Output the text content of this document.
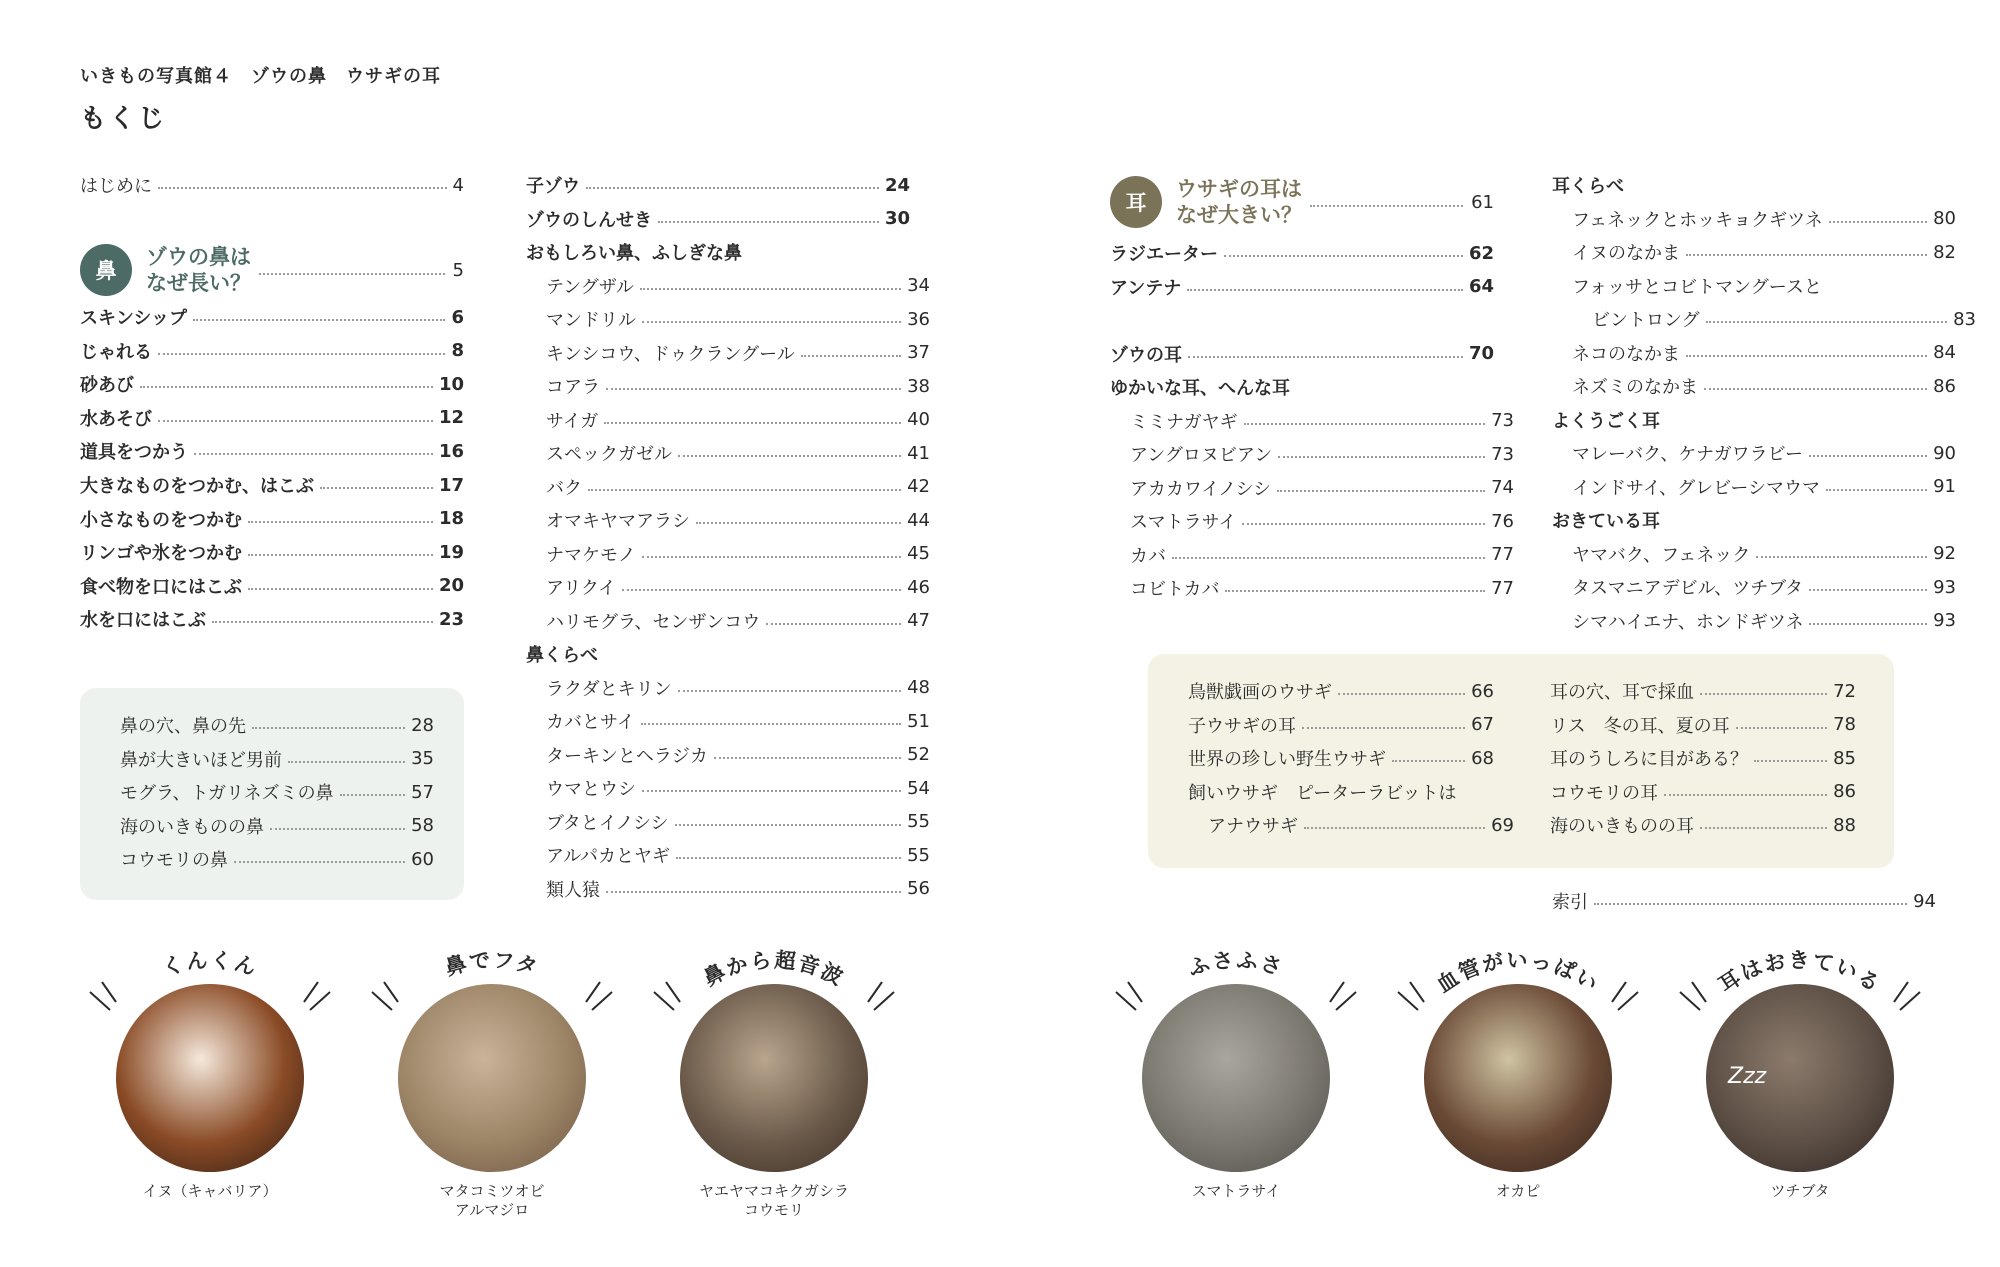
いきもの写真館４　ゾウの鼻　ウサギの耳
もくじ
はじめに	4
鼻
ゾウの鼻は
なぜ長い？
5
スキンシップ	6
じゃれる	8
砂あび	10
水あそび	12
道具をつかう	16
大きなものをつかむ、はこぶ	17
小さなものをつかむ	18
リンゴや氷をつかむ	19
食べ物を口にはこぶ	20
水を口にはこぶ	23
鼻の穴、鼻の先	28
鼻が大きいほど男前	35
モグラ、トガリネズミの鼻	57
海のいきものの鼻	58
コウモリの鼻	60
子ゾウ	24
ゾウのしんせき	30
おもしろい鼻、ふしぎな鼻
テングザル	34
マンドリル	36
キンシコウ、ドゥクラングール	37
コアラ	38
サイガ	40
スペックガゼル	41
バク	42
オマキヤマアラシ	44
ナマケモノ	45
アリクイ	46
ハリモグラ、センザンコウ	47
鼻くらべ
ラクダとキリン	48
カバとサイ	51
ターキンとヘラジカ	52
ウマとウシ	54
ブタとイノシシ	55
アルパカとヤギ	55
類人猿	56
耳
ウサギの耳は
なぜ大きい？
61
ラジエーター	62
アンテナ	64
ゾウの耳	70
ゆかいな耳、へんな耳
ミミナガヤギ	73
アングロヌビアン	73
アカカワイノシシ	74
スマトラサイ	76
カバ	77
コビトカバ	77
耳くらべ
フェネックとホッキョクギツネ	80
イヌのなかま	82
フォッサとコビトマングースと
ビントロング	83
ネコのなかま	84
ネズミのなかま	86
よくうごく耳
マレーバク、ケナガワラビー	90
インドサイ、グレビーシマウマ	91
おきている耳
ヤマバク、フェネック	92
タスマニアデビル、ツチブタ	93
シマハイエナ、ホンドギツネ	93
鳥獣戯画のウサギ	66
子ウサギの耳	67
世界の珍しい野生ウサギ	68
飼いウサギ　ピーターラビットは
アナウサギ	69
耳の穴、耳で採血	72
リス　冬の耳、夏の耳	78
耳のうしろに目がある？	85
コウモリの耳	86
海のいきものの耳	88
索引	94
くんくん
イヌ（キャバリア）
鼻でフタ
マタコミツオビ
アルマジロ
鼻から超音波
ヤエヤマコキクガシラ
コウモリ
ふさふさ
スマトラサイ
血管がいっぱい
オカピ
耳はおきている
Zzz
ツチブタ
